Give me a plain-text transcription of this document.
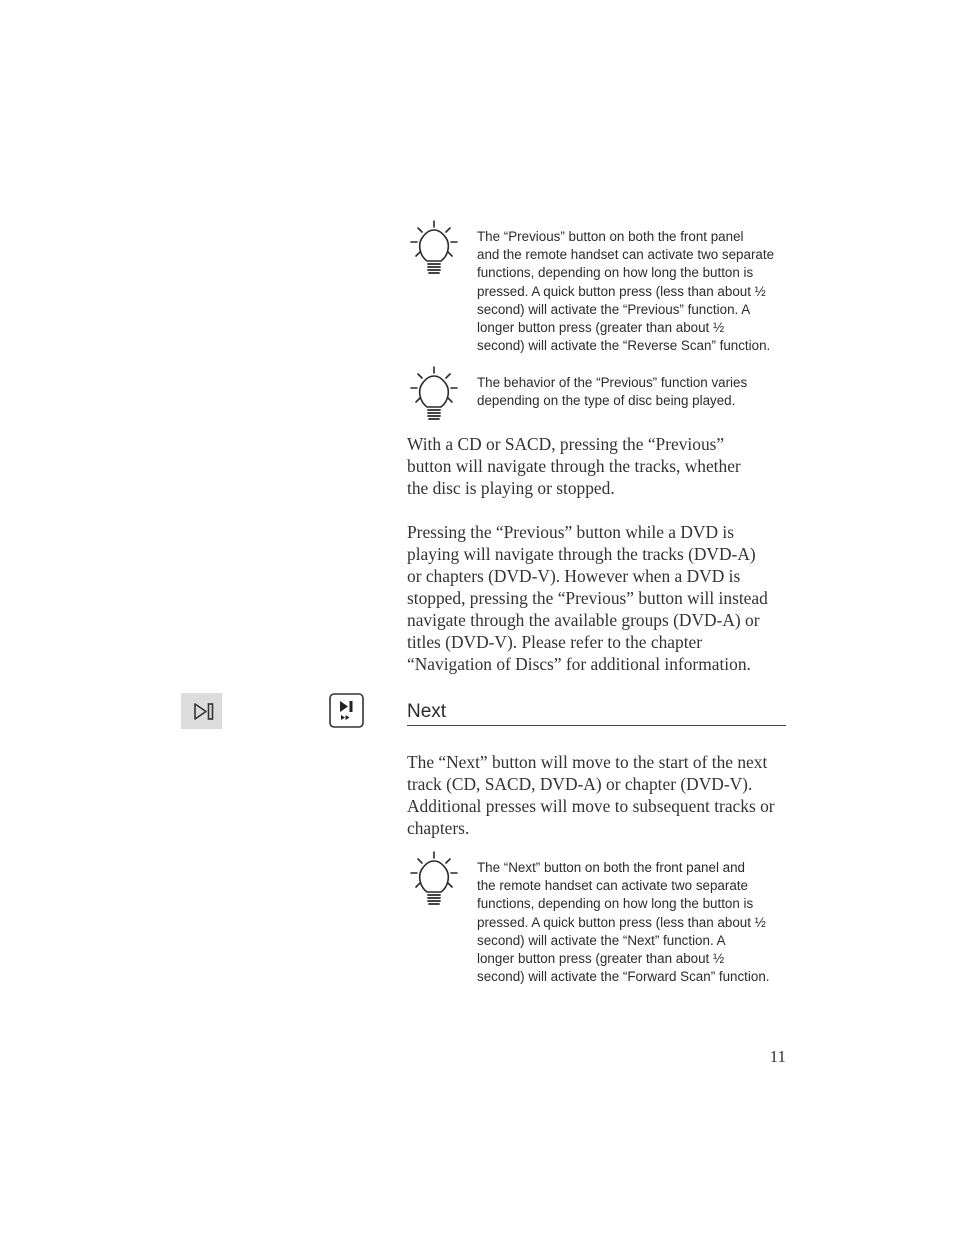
The “Previous” button on both the front panel
and the remote handset can activate two separate
functions, depending on how long the button is
pressed. A quick button press (less than about ½
second) will activate the “Previous” function. A
longer button press (greater than about ½
second) will activate the “Reverse Scan” function.
The behavior of the “Previous” function varies
depending on the type of disc being played.

With a CD or SACD, pressing the “Previous”
button will navigate through the tracks, whether
the disc is playing or stopped.

Pressing the “Previous” button while a DVD is
playing will navigate through the tracks (DVD-A)
or chapters (DVD-V). However when a DVD is
stopped, pressing the “Previous” button will instead
navigate through the available groups (DVD-A) or
titles (DVD-V). Please refer to the chapter
“Navigation of Discs” for additional information.

Next

The “Next” button will move to the start of the next
track (CD, SACD, DVD-A) or chapter (DVD-V).
Additional presses will move to subsequent tracks or
chapters.

The “Next” button on both the front panel and
the remote handset can activate two separate
functions, depending on how long the button is
pressed. A quick button press (less than about ½
second) will activate the “Next” function. A
longer button press (greater than about ½
second) will activate the “Forward Scan” function.
11
